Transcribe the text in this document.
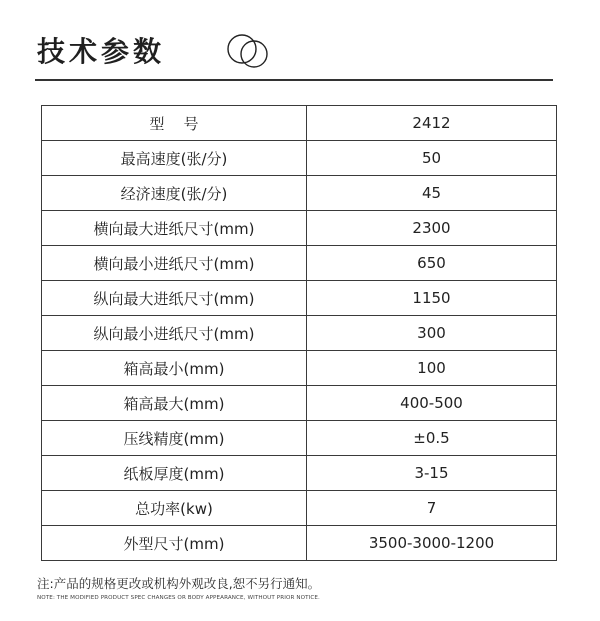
技术参数
型    号	2412
最高速度(张/分)	50
经济速度(张/分)	45
横向最大进纸尺寸(mm)	2300
横向最小进纸尺寸(mm)	650
纵向最大进纸尺寸(mm)	1150
纵向最小进纸尺寸(mm)	300
箱高最小(mm)	100
箱高最大(mm)	400-500
压线精度(mm)	±0.5
纸板厚度(mm)	3-15
总功率(kw)	7
外型尺寸(mm)	3500-3000-1200
注:产品的规格更改或机构外观改良,恕不另行通知。
NOTE: THE MODIFIED PRODUCT SPEC CHANGES OR BODY APPEARANCE, WITHOUT PRIOR NOTICE.
